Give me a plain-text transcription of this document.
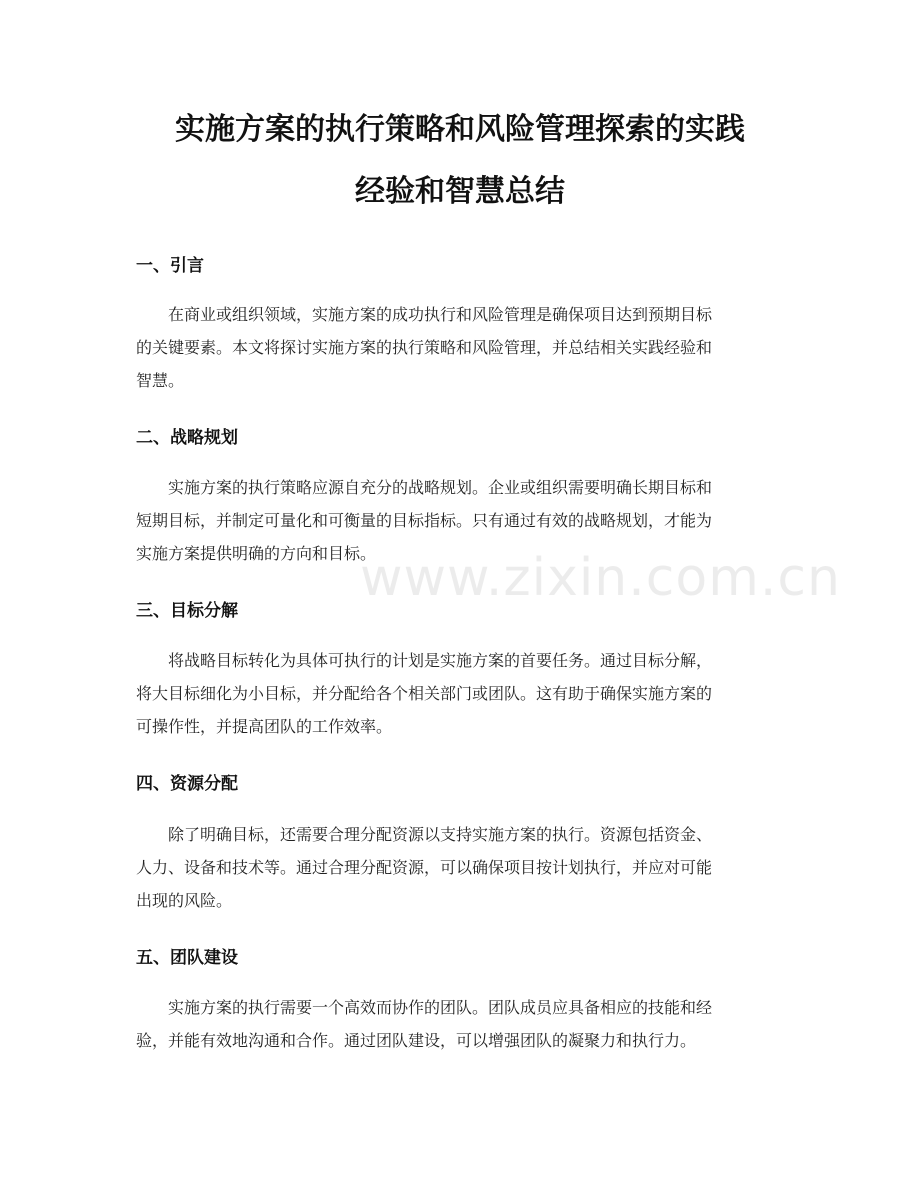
实施方案的执行策略和风险管理探索的实践
经验和智慧总结
一、引言

在商业或组织领域，实施方案的成功执行和风险管理是确保项目达到预期目标
的关键要素。本文将探讨实施方案的执行策略和风险管理，并总结相关实践经验和
智慧。

二、战略规划

实施方案的执行策略应源自充分的战略规划。企业或组织需要明确长期目标和
短期目标，并制定可量化和可衡量的目标指标。只有通过有效的战略规划，才能为
实施方案提供明确的方向和目标。

三、目标分解

将战略目标转化为具体可执行的计划是实施方案的首要任务。通过目标分解，
将大目标细化为小目标，并分配给各个相关部门或团队。这有助于确保实施方案的
可操作性，并提高团队的工作效率。

四、资源分配

除了明确目标，还需要合理分配资源以支持实施方案的执行。资源包括资金、
人力、设备和技术等。通过合理分配资源，可以确保项目按计划执行，并应对可能
出现的风险。

五、团队建设

实施方案的执行需要一个高效而协作的团队。团队成员应具备相应的技能和经
验，并能有效地沟通和合作。通过团队建设，可以增强团队的凝聚力和执行力。

www.zixin.com.cn
